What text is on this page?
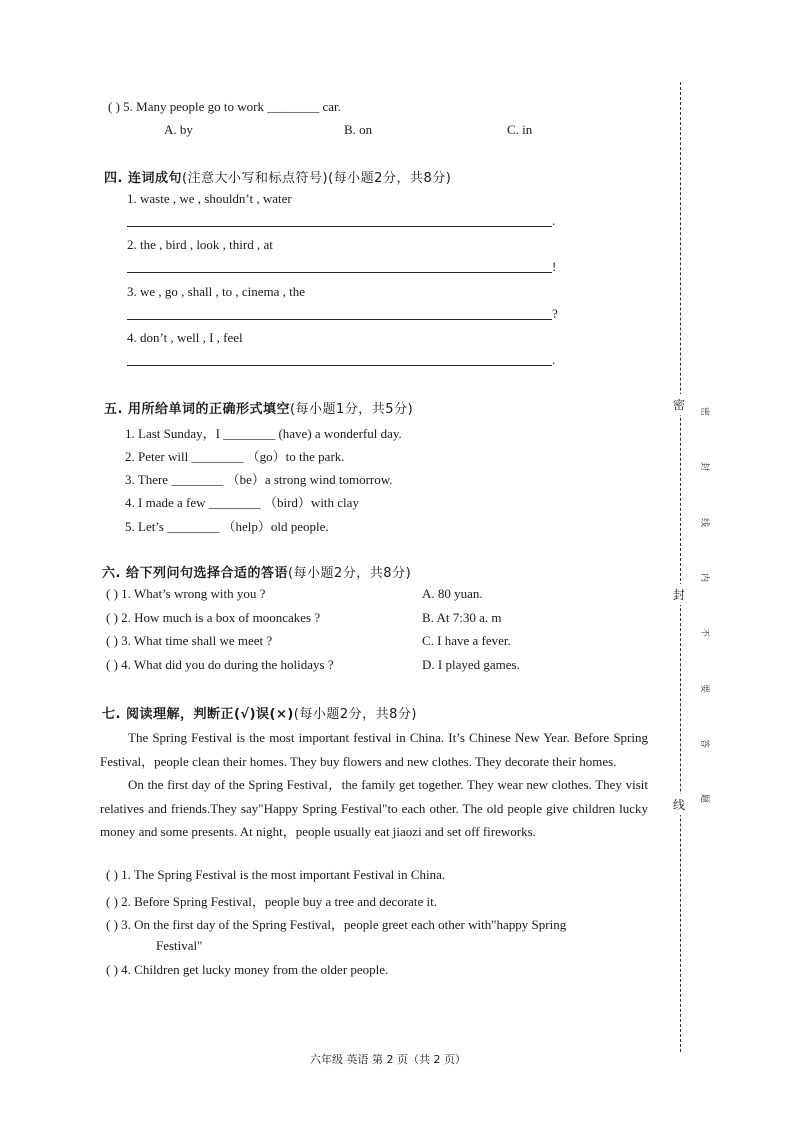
( ) 5. Many people go to work ________ car.
A. by	B. on	C. in
四. 连词成句(注意大小写和标点符号)(每小题2分，共8分)
1. waste , we , shouldn’t , water
.
2. the , bird , look , third , at
!
3. we , go , shall , to , cinema , the
?
4. don’t , well , I , feel
.
五. 用所给单词的正确形式填空(每小题1分，共5分)
1. Last Sunday，I ________ (have) a wonderful day.
2. Peter will ________ （go）to the park.
3. There ________ （be）a strong wind tomorrow.
4. I made a few ________ （bird）with clay
5. Let’s ________ （help）old people.
六. 给下列问句选择合适的答语(每小题2分，共8分)
( ) 1. What’s wrong with you ?	A. 80 yuan.
( ) 2. How much is a box of mooncakes ?	B. At 7:30 a. m
( ) 3. What time shall we meet ?	C. I have a fever.
( ) 4. What did you do during the holidays ?	D. I played games.
七. 阅读理解，判断正(√)误(×)(每小题2分，共8分)

The Spring Festival is the most important festival in China. It’s Chinese New Year. Before Spring Festival，people clean their homes. They buy flowers and new clothes. They decorate their homes.

On the first day of the Spring Festival，the family get together. They wear new clothes. They visit relatives and friends.They say"Happy Spring Festival"to each other. The old people give children lucky money and some presents. At night，people usually eat jiaozi and set off fireworks.

( ) 1. The Spring Festival is the most important Festival in China.
( ) 2. Before Spring Festival，people buy a tree and decorate it.
( ) 3. On the first day of the Spring Festival，people greet each other with"happy Spring
Festival"
( ) 4. Children get lucky money from the older people.
密
封
线
密
封
线
内
不
要
答
题
六年级 英语 第 2 页（共 2 页）
